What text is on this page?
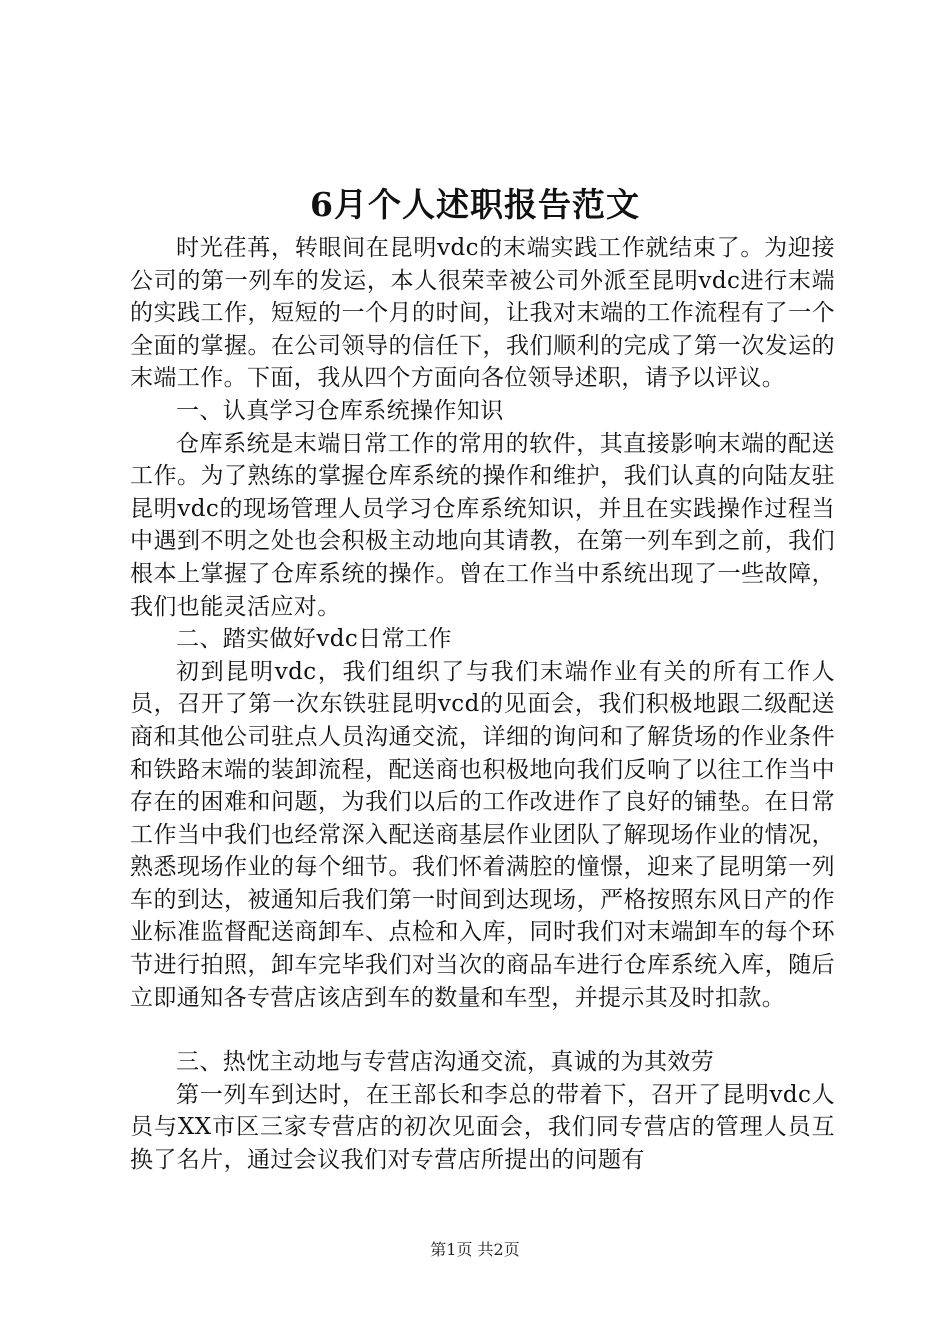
6月个人述职报告范文

时光荏苒，转眼间在昆明vdc的末端实践工作就结束了。为迎接公司的第一列车的发运，本人很荣幸被公司外派至昆明vdc进行末端的实践工作，短短的一个月的时间，让我对末端的工作流程有了一个全面的掌握。在公司领导的信任下，我们顺利的完成了第一次发运的末端工作。下面，我从四个方面向各位领导述职，请予以评议。

一、认真学习仓库系统操作知识

仓库系统是末端日常工作的常用的软件，其直接影响末端的配送工作。为了熟练的掌握仓库系统的操作和维护，我们认真的向陆友驻昆明vdc的现场管理人员学习仓库系统知识，并且在实践操作过程当中遇到不明之处也会积极主动地向其请教，在第一列车到之前，我们根本上掌握了仓库系统的操作。曾在工作当中系统出现了一些故障，我们也能灵活应对。

二、踏实做好vdc日常工作

初到昆明vdc，我们组织了与我们末端作业有关的所有工作人员，召开了第一次东铁驻昆明vcd的见面会，我们积极地跟二级配送商和其他公司驻点人员沟通交流，详细的询问和了解货场的作业条件和铁路末端的装卸流程，配送商也积极地向我们反响了以往工作当中存在的困难和问题，为我们以后的工作改进作了良好的铺垫。在日常工作当中我们也经常深入配送商基层作业团队了解现场作业的情况，熟悉现场作业的每个细节。我们怀着满腔的憧憬，迎来了昆明第一列车的到达，被通知后我们第一时间到达现场，严格按照东风日产的作业标准监督配送商卸车、点检和入库，同时我们对末端卸车的每个环节进行拍照，卸车完毕我们对当次的商品车进行仓库系统入库，随后立即通知各专营店该店到车的数量和车型，并提示其及时扣款。

三、热忱主动地与专营店沟通交流，真诚的为其效劳

第一列车到达时，在王部长和李总的带着下，召开了昆明vdc人员与XX市区三家专营店的初次见面会，我们同专营店的管理人员互换了名片，通过会议我们对专营店所提出的问题有

第1页 共2页
